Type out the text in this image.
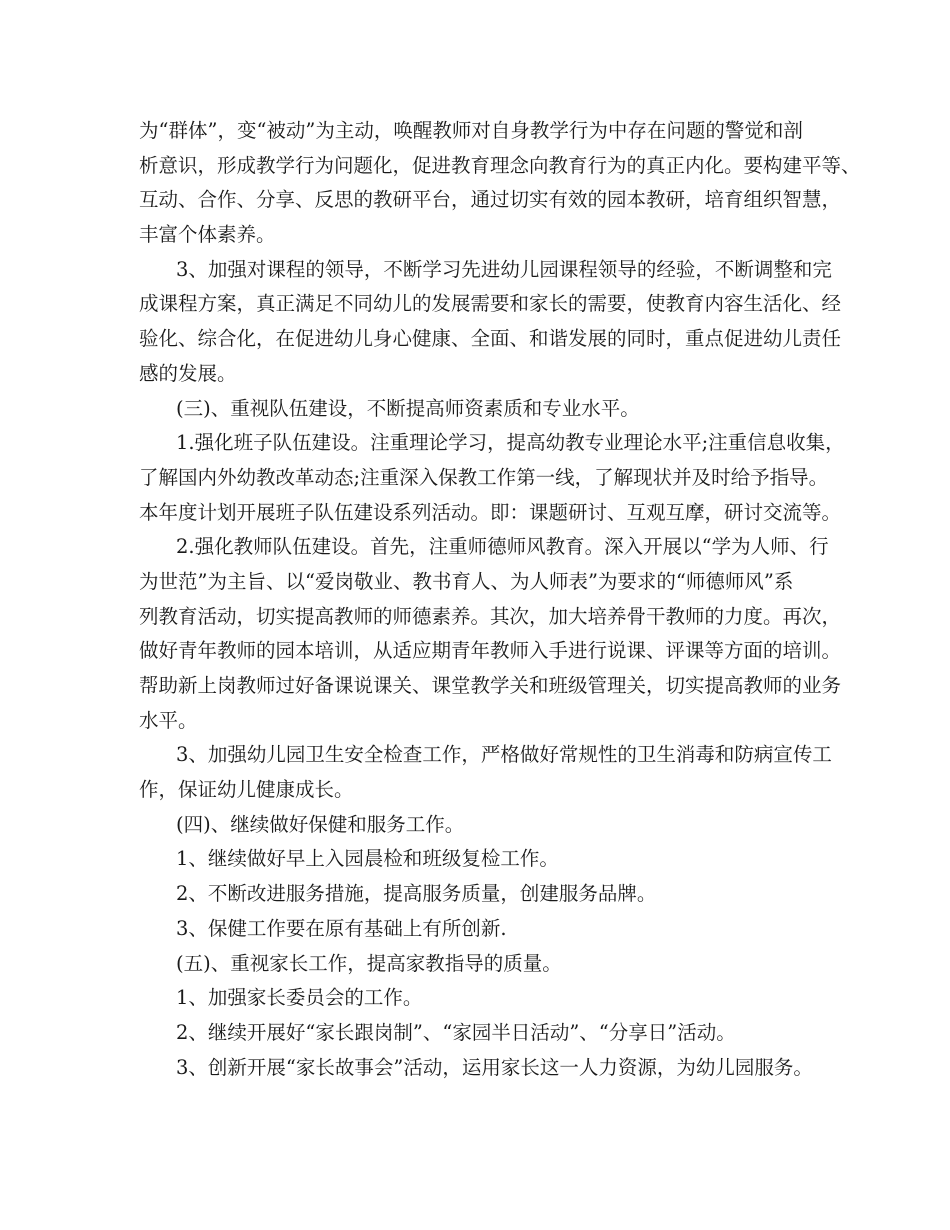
为“群体”，变“被动”为主动，唤醒教师对自身教学行为中存在问题的警觉和剖

析意识，形成教学行为问题化，促进教育理念向教育行为的真正内化。要构建平等、

互动、合作、分享、反思的教研平台，通过切实有效的园本教研，培育组织智慧，

丰富个体素养。

3、加强对课程的领导，不断学习先进幼儿园课程领导的经验，不断调整和完

成课程方案，真正满足不同幼儿的发展需要和家长的需要，使教育内容生活化、经

验化、综合化，在促进幼儿身心健康、全面、和谐发展的同时，重点促进幼儿责任

感的发展。

(三)、重视队伍建设，不断提高师资素质和专业水平。

1.强化班子队伍建设。注重理论学习，提高幼教专业理论水平;注重信息收集，

了解国内外幼教改革动态;注重深入保教工作第一线，了解现状并及时给予指导。

本年度计划开展班子队伍建设系列活动。即：课题研讨、互观互摩，研讨交流等。

2.强化教师队伍建设。首先，注重师德师风教育。深入开展以“学为人师、行

为世范”为主旨、以“爱岗敬业、教书育人、为人师表”为要求的“师德师风”系

列教育活动，切实提高教师的师德素养。其次，加大培养骨干教师的力度。再次，

做好青年教师的园本培训，从适应期青年教师入手进行说课、评课等方面的培训。

帮助新上岗教师过好备课说课关、课堂教学关和班级管理关，切实提高教师的业务

水平。

3、加强幼儿园卫生安全检查工作，严格做好常规性的卫生消毒和防病宣传工

作，保证幼儿健康成长。

(四)、继续做好保健和服务工作。

1、继续做好早上入园晨检和班级复检工作。

2、不断改进服务措施，提高服务质量，创建服务品牌。

3、保健工作要在原有基础上有所创新.

(五)、重视家长工作，提高家教指导的质量。

1、加强家长委员会的工作。

2、继续开展好“家长跟岗制”、“家园半日活动”、“分享日”活动。

3、创新开展“家长故事会”活动，运用家长这一人力资源，为幼儿园服务。
